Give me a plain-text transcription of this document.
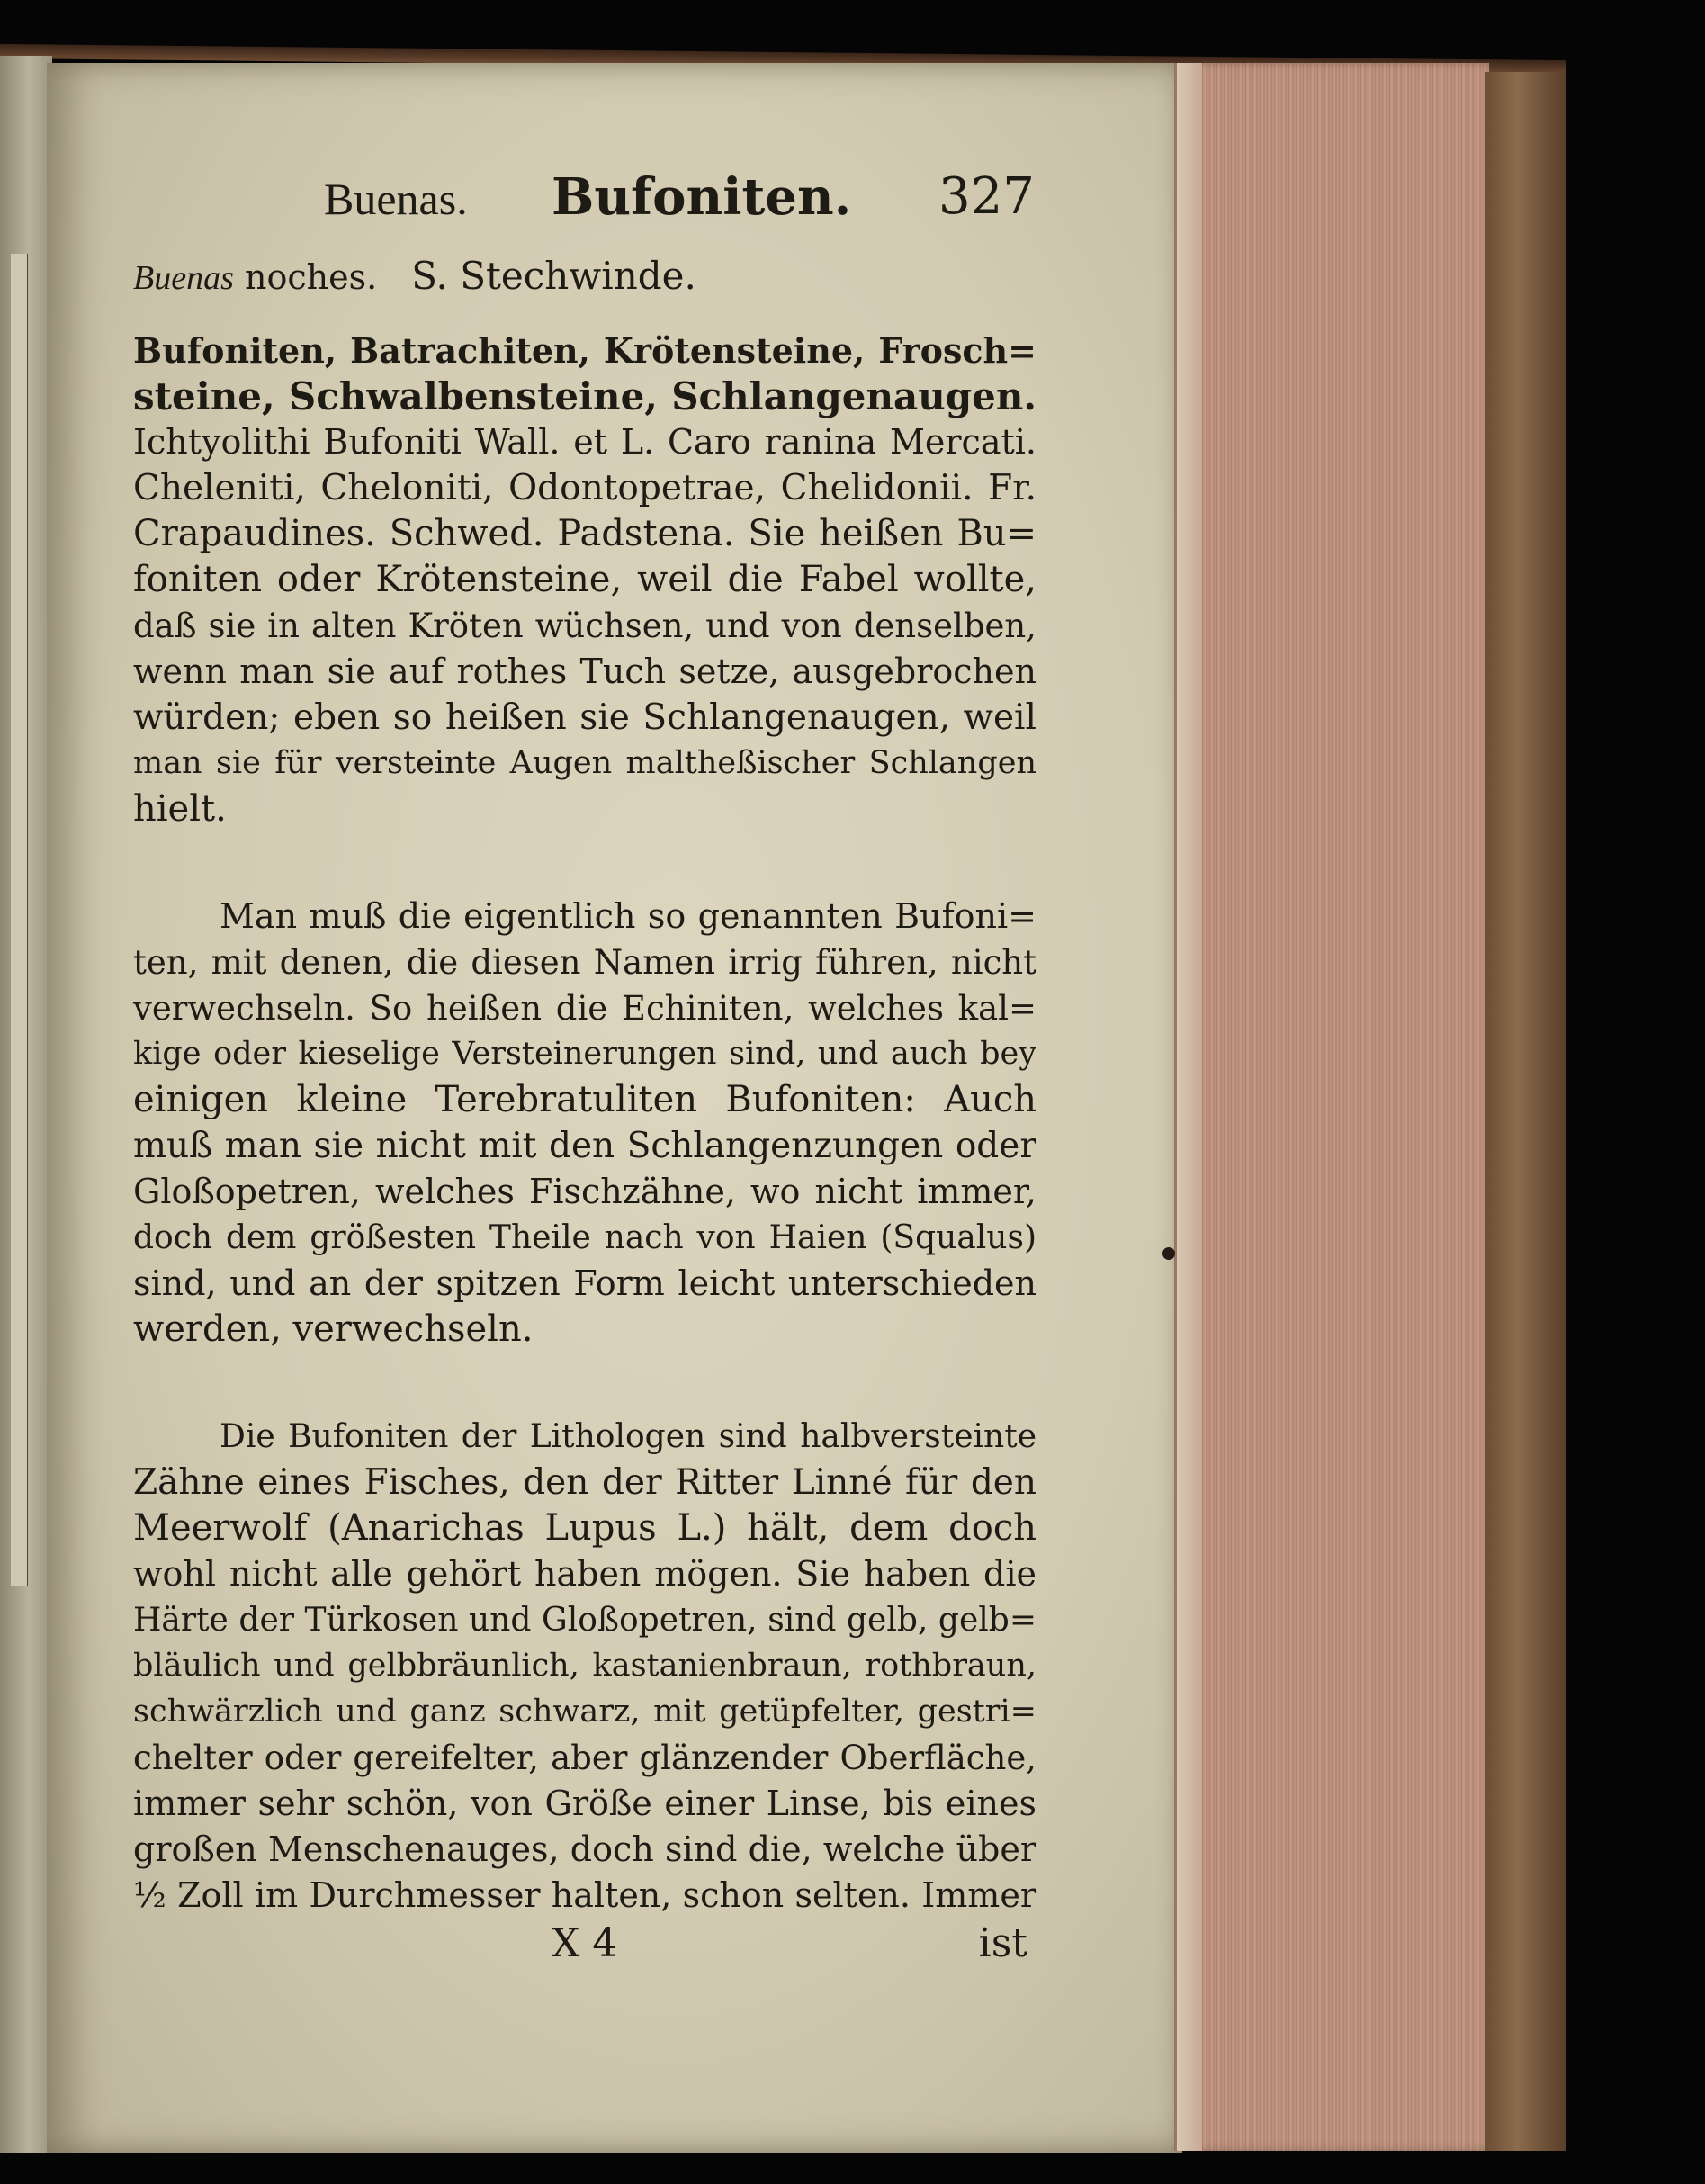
Buenas. Bufoniten. 327
Buenas noches. S. Stechwinde.
Bufoniten, Batrachiten, Krötensteine, Frosch=
steine, Schwalbensteine, Schlangenaugen.
Ichtyolithi Bufoniti Wall. et L. Caro ranina Mercati.
Cheleniti, Cheloniti, Odontopetrae, Chelidonii. Fr.
Crapaudines. Schwed. Padstena. Sie heißen Bu=
foniten oder Krötensteine, weil die Fabel wollte,
daß sie in alten Kröten wüchsen, und von denselben,
wenn man sie auf rothes Tuch setze, ausgebrochen
würden; eben so heißen sie Schlangenaugen, weil
man sie für versteinte Augen maltheßischer Schlangen
hielt.
Man muß die eigentlich so genannten Bufoni=
ten, mit denen, die diesen Namen irrig führen, nicht
verwechseln. So heißen die Echiniten, welches kal=
kige oder kieselige Versteinerungen sind, und auch bey
einigen kleine Terebratuliten Bufoniten: Auch
muß man sie nicht mit den Schlangenzungen oder
Gloßopetren, welches Fischzähne, wo nicht immer,
doch dem größesten Theile nach von Haien (Squalus)
sind, und an der spitzen Form leicht unterschieden
werden, verwechseln.
Die Bufoniten der Lithologen sind halbversteinte
Zähne eines Fisches, den der Ritter Linné für den
Meerwolf (Anarichas Lupus L.) hält, dem doch
wohl nicht alle gehört haben mögen. Sie haben die
Härte der Türkosen und Gloßopetren, sind gelb, gelb=
bläulich und gelbbräunlich, kastanienbraun, rothbraun,
schwärzlich und ganz schwarz, mit getüpfelter, gestri=
chelter oder gereifelter, aber glänzender Oberfläche,
immer sehr schön, von Größe einer Linse, bis eines
großen Menschenauges, doch sind die, welche über
½ Zoll im Durchmesser halten, schon selten. Immer
X 4	ist
